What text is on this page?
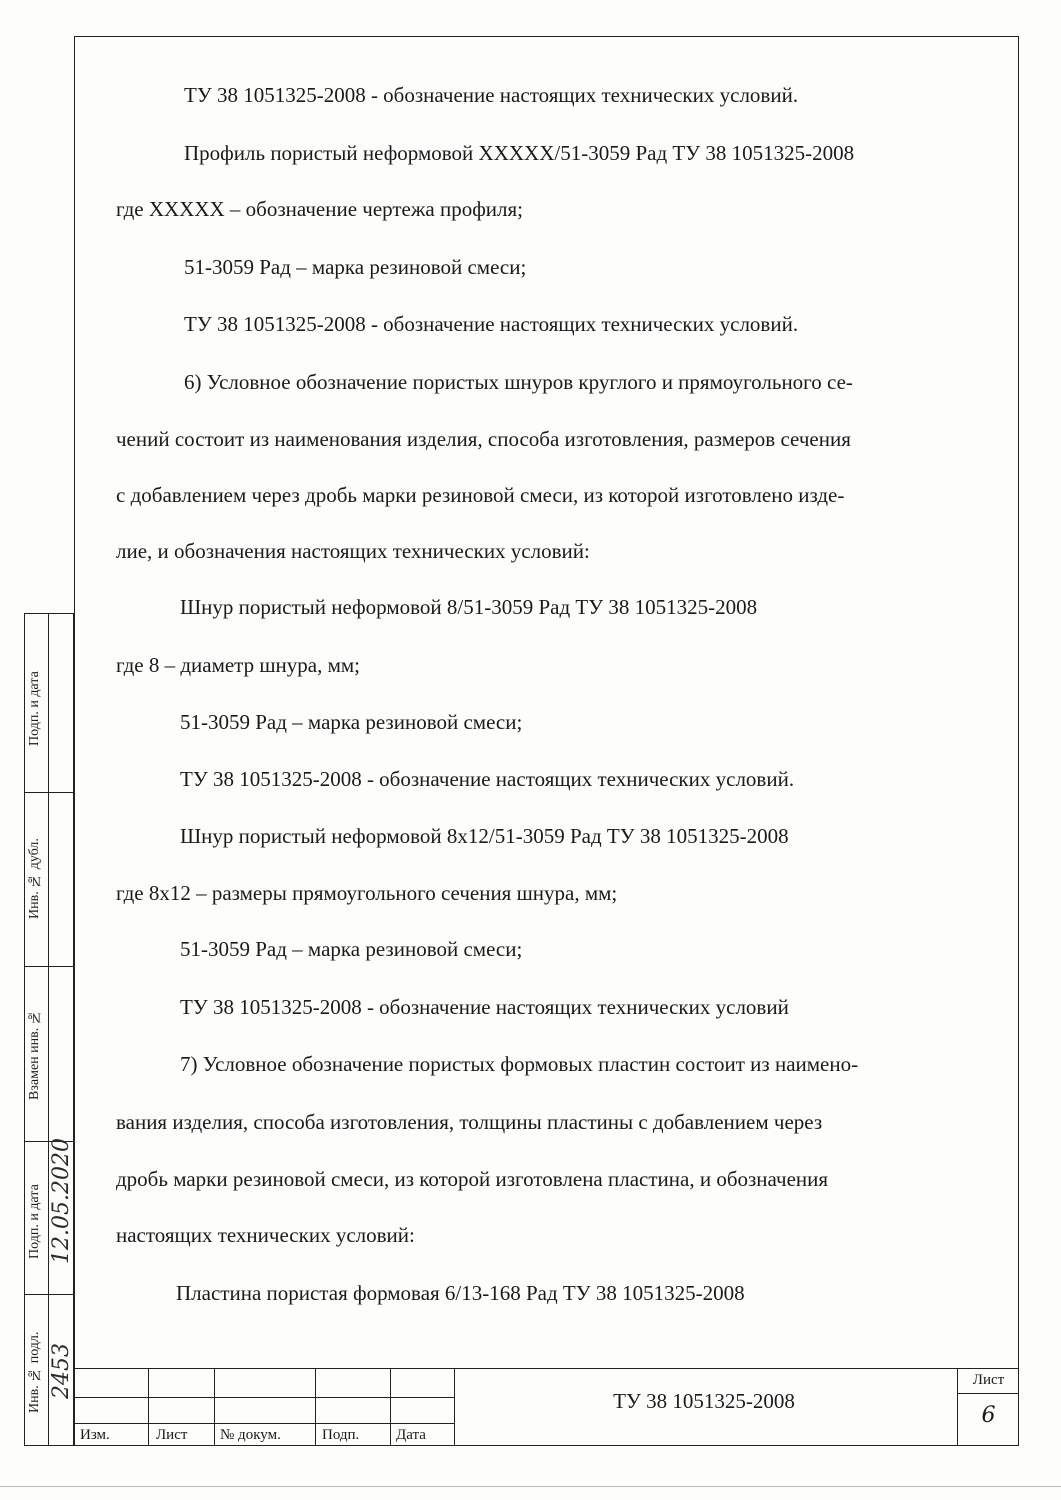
ТУ 38 1051325-2008 - обозначение настоящих технических условий.
Профиль пористый неформовой XXXXX/51-3059 Рад ТУ 38 1051325-2008
где XXXXX – обозначение чертежа профиля;
51-3059 Рад – марка резиновой смеси;
ТУ 38 1051325-2008 - обозначение настоящих технических условий.
6) Условное обозначение пористых шнуров круглого и прямоугольного се-
чений состоит из наименования изделия, способа изготовления, размеров сечения
с добавлением через дробь марки резиновой смеси, из которой изготовлено изде-
лие, и обозначения настоящих технических условий:
Шнур пористый неформовой 8/51-3059 Рад ТУ 38 1051325-2008
где 8 – диаметр шнура, мм;
51-3059 Рад – марка резиновой смеси;
ТУ 38 1051325-2008 - обозначение настоящих технических условий.
Шнур пористый неформовой 8х12/51-3059 Рад ТУ 38 1051325-2008
где 8х12 – размеры прямоугольного сечения шнура, мм;
51-3059 Рад – марка резиновой смеси;
ТУ 38 1051325-2008 - обозначение настоящих технических условий
7) Условное обозначение пористых формовых пластин состоит из наимено-
вания изделия, способа изготовления, толщины пластины с добавлением через
дробь марки резиновой смеси, из которой изготовлена пластина, и обозначения
настоящих технических условий:
Пластина пористая формовая 6/13-168 Рад ТУ 38 1051325-2008
Подп. и дата
Инв. № дубл.
Взамен инв. №
Подп. и дата
Инв. № подл.
12.05.2020
2453
Изм.	Лист № докум.	Подп. Дата
ТУ 38 1051325-2008
Лист
6
